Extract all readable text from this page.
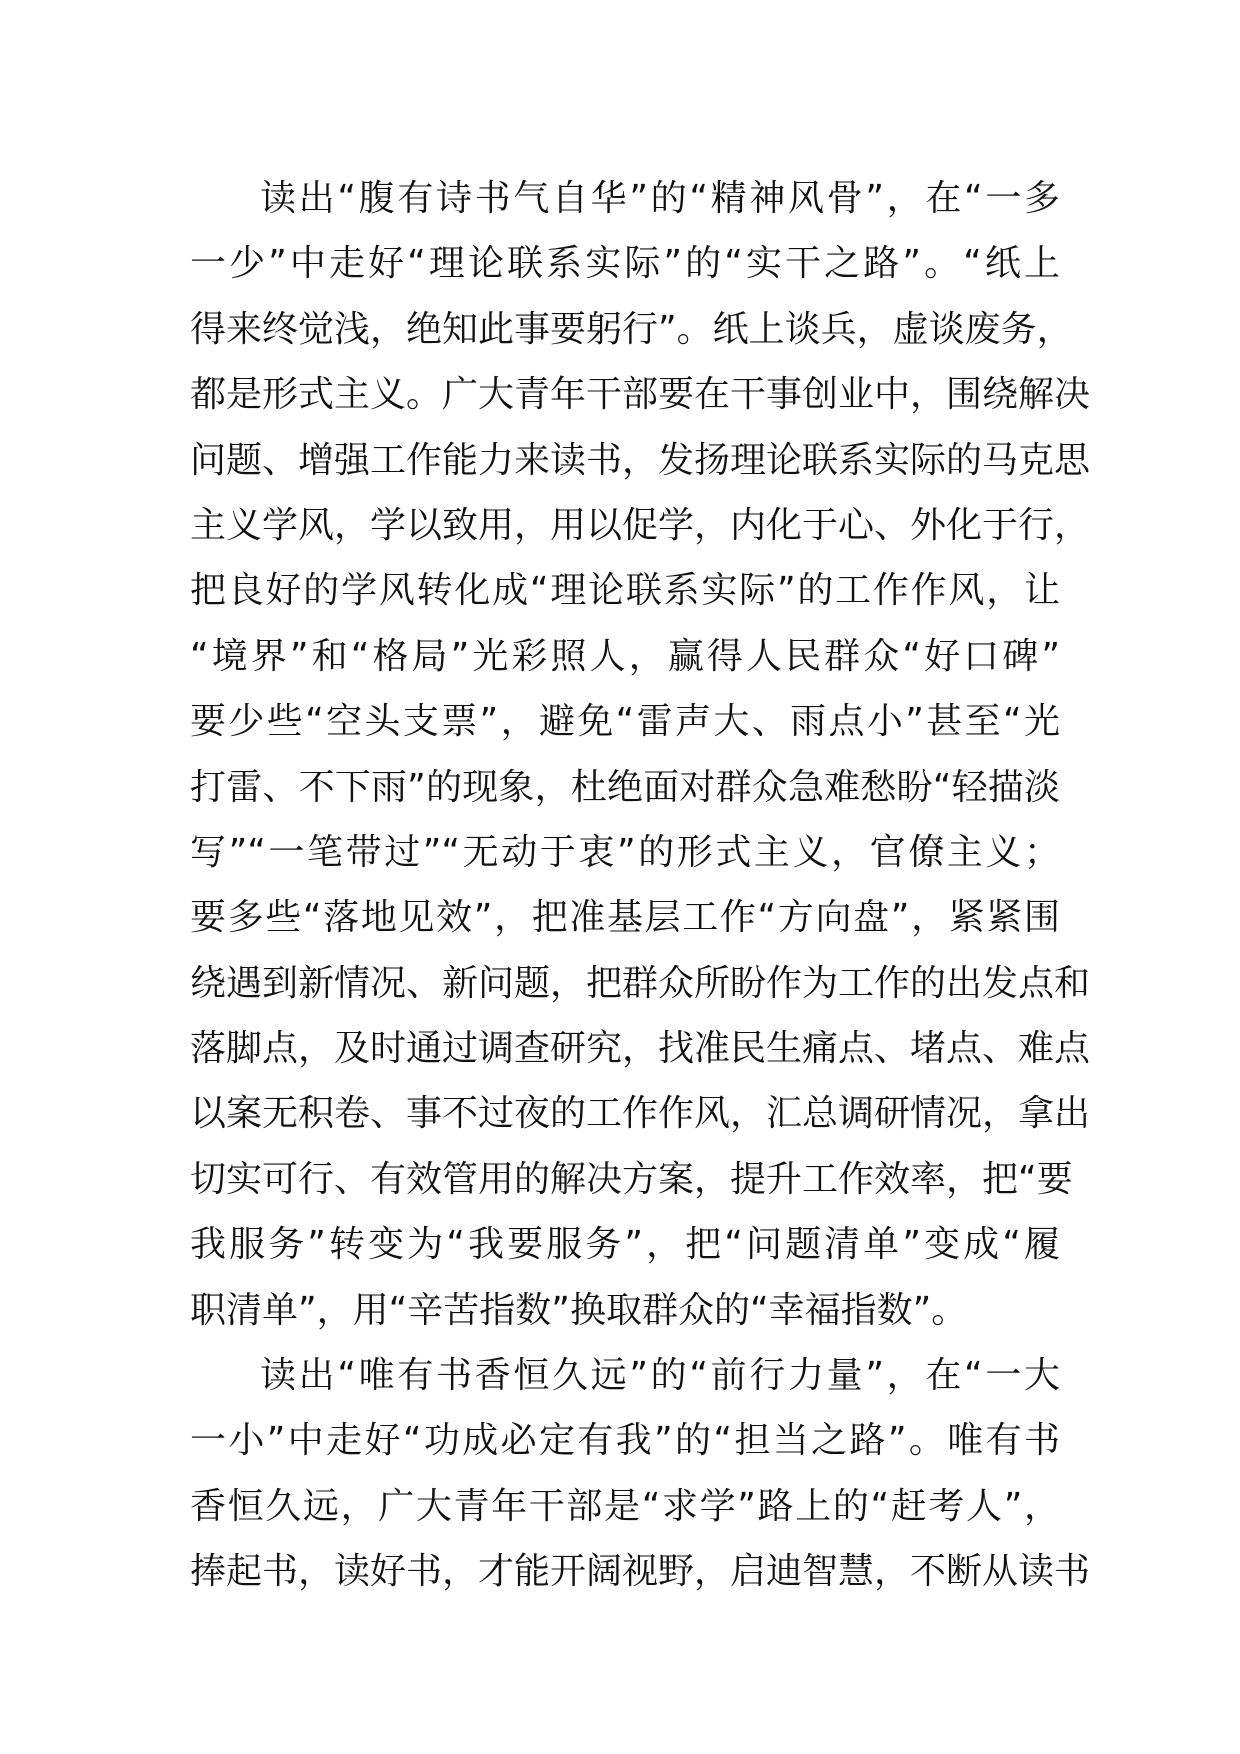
读出“腹有诗书气自华”的“精神风骨”，在“一多
一少”中走好“理论联系实际”的“实干之路”。“纸上
得来终觉浅，绝知此事要躬行”。纸上谈兵，虚谈废务，
都是形式主义。广大青年干部要在干事创业中，围绕解决
问题、增强工作能力来读书，发扬理论联系实际的马克思
主义学风，学以致用，用以促学，内化于心、外化于行，
把良好的学风转化成“理论联系实际”的工作作风，让
“境界”和“格局”光彩照人，赢得人民群众“好口碑”
要少些“空头支票”，避免“雷声大、雨点小”甚至“光
打雷、不下雨”的现象，杜绝面对群众急难愁盼“轻描淡
写”“一笔带过”“无动于衷”的形式主义，官僚主义；
要多些“落地见效”，把准基层工作“方向盘”，紧紧围
绕遇到新情况、新问题，把群众所盼作为工作的出发点和
落脚点，及时通过调查研究，找准民生痛点、堵点、难点
以案无积卷、事不过夜的工作作风，汇总调研情况，拿出
切实可行、有效管用的解决方案，提升工作效率，把“要
我服务”转变为“我要服务”，把“问题清单”变成“履
职清单”，用“辛苦指数”换取群众的“幸福指数”。
读出“唯有书香恒久远”的“前行力量”，在“一大
一小”中走好“功成必定有我”的“担当之路”。唯有书
香恒久远，广大青年干部是“求学”路上的“赶考人”，
捧起书，读好书，才能开阔视野，启迪智慧，不断从读书
